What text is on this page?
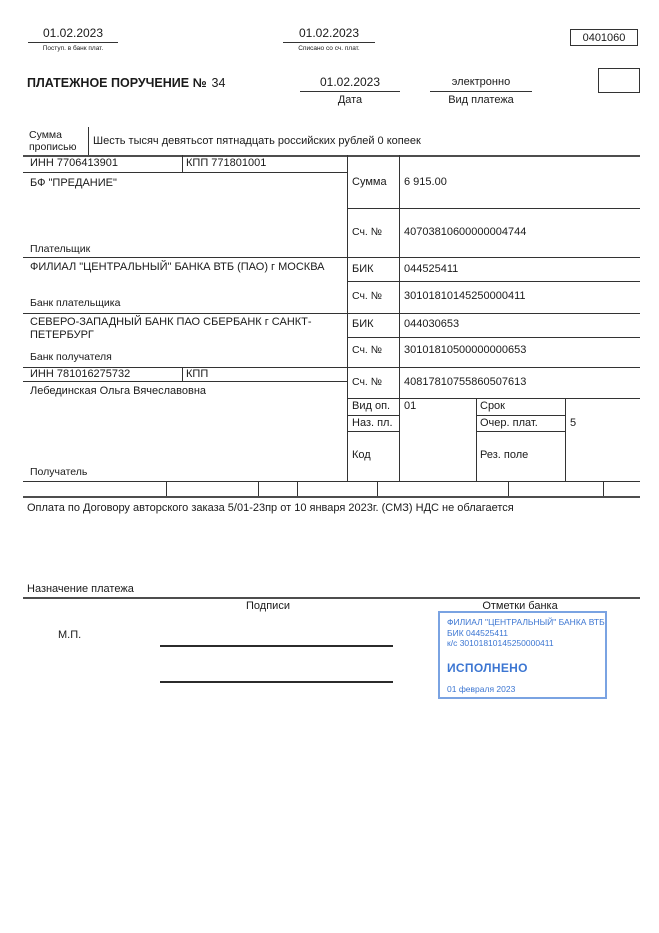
01.02.2023
Поступ. в банк плат.
01.02.2023
Списано со сч. плат.
0401060
ПЛАТЕЖНОЕ ПОРУЧЕНИЕ № 34	01.02.2023
Дата
электронно
Вид платежа
Сумма прописью	Шесть тысяч девятьсот пятнадцать российских рублей 0 копеек
ИНН 7706413901	КПП 771801001
БФ "ПРЕДАНИЕ"
Плательщик
Сумма 6 915.00
Сч. № 40703810600000004744
ФИЛИАЛ "ЦЕНТРАЛЬНЫЙ" БАНКА ВТБ (ПАО) г МОСКВА
Банк плательщика
БИК	044525411
Сч. № 30101810145250000411
СЕВЕРО-ЗАПАДНЫЙ БАНК ПАО СБЕРБАНК г САНКТ-ПЕТЕРБУРГ
Банк получателя
БИК	044030653
Сч. № 30101810500000000653
ИНН 781016275732	КПП
Лебединская Ольга Вячеславовна
Получатель
Сч. № 40817810755860507613
Вид оп. 01	Срок
Наз. пл.	Очер. плат.	5
Код	Рез. поле
Оплата по Договору авторского заказа 5/01-23пр от 10 января 2023г. (СМЗ) НДС не облагается
Назначение платежа
Подписи	Отметки банка
М.П.
ФИЛИАЛ "ЦЕНТРАЛЬНЫЙ" БАНКА ВТБ
БИК 044525411
к/с 30101810145250000411
ИСПОЛНЕНО
01 февраля 2023
